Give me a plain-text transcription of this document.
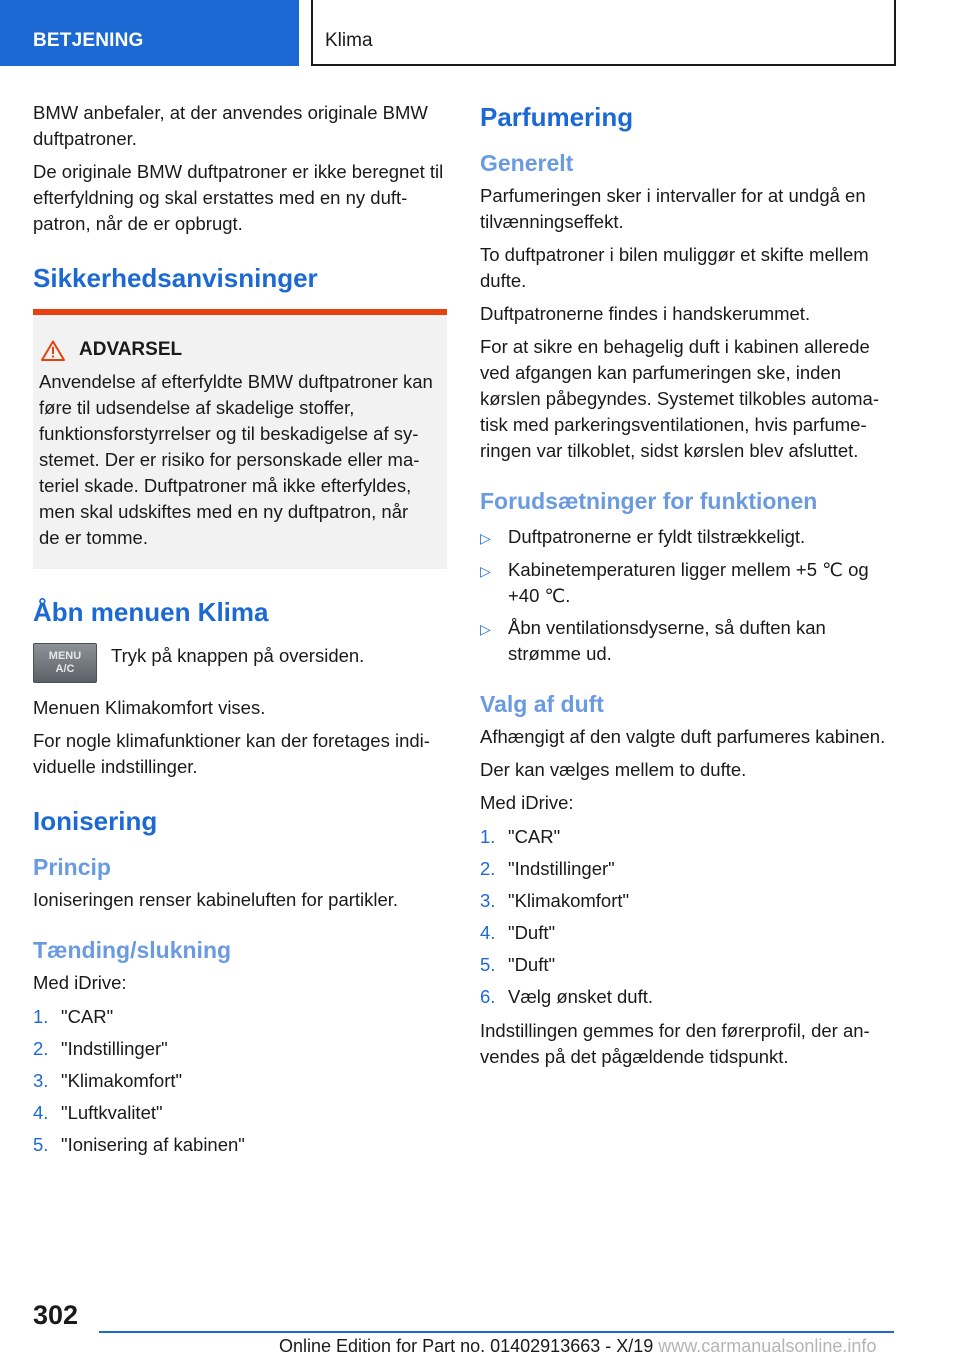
BETJENING	Klima

BMW anbefaler, at der anvendes originale BMW duftpatroner.

De originale BMW duftpatroner er ikke beregnet til efterfyldning og skal erstattes med en ny duftpatron, når de er opbrugt.

Sikkerhedsanvisninger
ADVARSEL

Anvendelse af efterfyldte BMW duftpatroner kan føre til udsendelse af skadelige stoffer, funktionsforstyrrelser og til beskadigelse af systemet. Der er risiko for personskade eller materiel skade. Duftpatroner må ikke efterfyldes, men skal udskiftes med en ny duftpatron, når de er tomme.

Åbn menuen Klima
MENU
A/C
Tryk på knappen på oversiden.

Menuen Klimakomfort vises.

For nogle klimafunktioner kan der foretages individuelle indstillinger.

Ionisering
Princip

Ioniseringen renser kabineluften for partikler.

Tænding/slukning

Med iDrive:

1. "CAR"
2. "Indstillinger"
3. "Klimakomfort"
4. "Luftkvalitet"
5. "Ionisering af kabinen"
Parfumering
Generelt

Parfumeringen sker i intervaller for at undgå en tilvænningseffekt.

To duftpatroner i bilen muliggør et skifte mellem dufte.

Duftpatronerne findes i handskerummet.

For at sikre en behagelig duft i kabinen allerede ved afgangen kan parfumeringen ske, inden kørslen påbegyndes. Systemet tilkobles automatisk med parkeringsventilationen, hvis parfumeringen var tilkoblet, sidst kørslen blev afsluttet.

Forudsætninger for funktionen
▷ Duftpatronerne er fyldt tilstrækkeligt.
▷ Kabinetemperaturen ligger mellem +5 ℃ og +40 ℃.
▷ Åbn ventilationsdyserne, så duften kan strømme ud.
Valg af duft

Afhængigt af den valgte duft parfumeres kabinen.

Der kan vælges mellem to dufte.

Med iDrive:

1. "CAR"
2. "Indstillinger"
3. "Klimakomfort"
4. "Duft"
5. "Duft"
6. Vælg ønsket duft.

Indstillingen gemmes for den førerprofil, der anvendes på det pågældende tidspunkt.

302
Online Edition for Part no. 01402913663 - X/19 www.carmanualsonline.info
